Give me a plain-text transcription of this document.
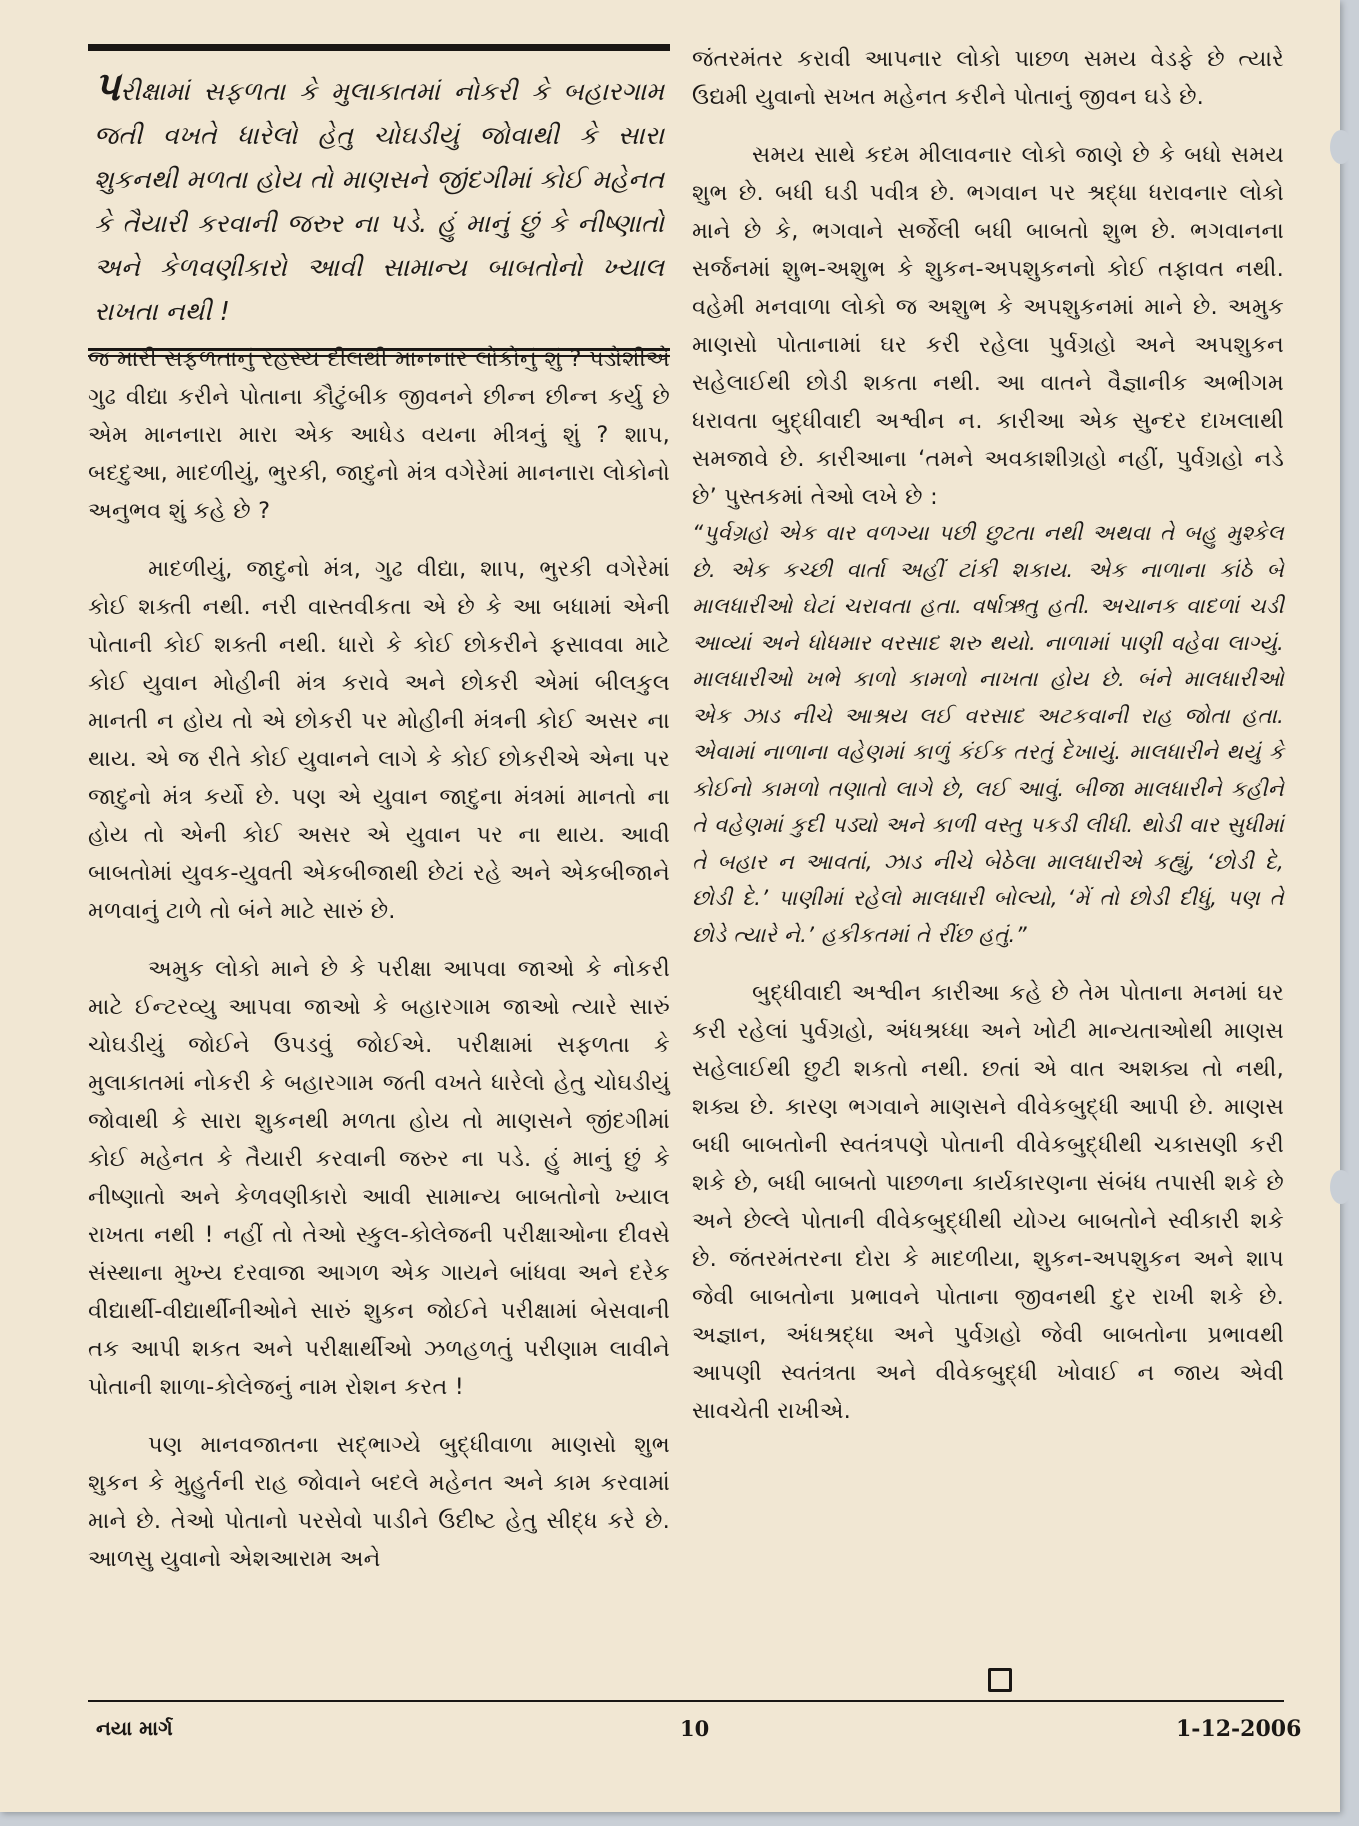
પરીક્ષામાં સફળતા કે મુલાકાતમાં નોકરી કે બહારગામ જતી વખતે ધારેલો હેતુ ચોઘડીયું જોવાથી કે સારા શુકનથી મળતા હોય તો માણસને જીંદગીમાં કોઈ મહેનત કે તૈયારી કરવાની જરુર ના પડે. હું માનું છું કે નીષ્ણાતો અને કેળવણીકારો આવી સામાન્ય બાબતોનો ખ્યાલ રાખતા નથી !

જ મારી સફળતાનું રહસ્ય દીલથી માનનાર લોકોનું શું ? પડોશીએ ગુઢ વીદ્યા કરીને પોતાના કૌટુંબીક જીવનને છીન્ન છીન્ન કર્યુ છે એમ માનનારા મારા એક આધેડ વયના મીત્રનું શું ? શાપ, બદદુઆ, માદળીયું, ભુરકી, જાદુનો મંત્ર વગેરેમાં માનનારા લોકોનો અનુભવ શું કહે છે ?

માદળીયું, જાદુનો મંત્ર, ગુઢ વીદ્યા, શાપ, ભુરકી વગેરેમાં કોઈ શક્તી નથી. નરી વાસ્તવીકતા એ છે કે આ બધામાં એની પોતાની કોઈ શક્તી નથી. ધારો કે કોઈ છોકરીને ફસાવવા માટે કોઈ યુવાન મોહીની મંત્ર કરાવે અને છોકરી એમાં બીલકુલ માનતી ન હોય તો એ છોકરી પર મોહીની મંત્રની કોઈ અસર ના થાય. એ જ રીતે કોઈ યુવાનને લાગે કે કોઈ છોકરીએ એના પર જાદુનો મંત્ર કર્યો છે. પણ એ યુવાન જાદુના મંત્રમાં માનતો ના હોય તો એની કોઈ અસર એ યુવાન પર ના થાય. આવી બાબતોમાં યુવક-યુવતી એકબીજાથી છેટાં રહે અને એકબીજાને મળવાનું ટાળે તો બંને માટે સારું છે.

અમુક લોકો માને છે કે પરીક્ષા આપવા જાઓ કે નોકરી માટે ઈન્ટરવ્યુ આપવા જાઓ કે બહારગામ જાઓ ત્યારે સારું ચોઘડીયું જોઈને ઉપડવું જોઈએ. પરીક્ષામાં સફળતા કે મુલાકાતમાં નોકરી કે બહારગામ જતી વખતે ધારેલો હેતુ ચોઘડીયું જોવાથી કે સારા શુકનથી મળતા હોય તો માણસને જીંદગીમાં કોઈ મહેનત કે તૈયારી કરવાની જરુર ના પડે. હું માનું છું કે નીષ્ણાતો અને કેળવણીકારો આવી સામાન્ય બાબતોનો ખ્યાલ રાખતા નથી ! નહીં તો તેઓ સ્કુલ-કોલેજની પરીક્ષાઓના દીવસે સંસ્થાના મુખ્ય દરવાજા આગળ એક ગાયને બાંધવા અને દરેક વીદ્યાર્થી-વીદ્યાર્થીનીઓને સારું શુકન જોઈને પરીક્ષામાં બેસવાની તક આપી શકત અને પરીક્ષાર્થીઓ ઝળહળતું પરીણામ લાવીને પોતાની શાળા-કોલેજનું નામ રોશન કરત !

પણ માનવજાતના સદ્ભાગ્યે બુદ્ધીવાળા માણસો શુભ શુકન કે મુહુર્તની રાહ જોવાને બદલે મહેનત અને કામ કરવામાં માને છે. તેઓ પોતાનો પરસેવો પાડીને ઉદીષ્ટ હેતુ સીદ્ધ કરે છે. આળસુ યુવાનો એશઆરામ અને

જંતરમંતર કરાવી આપનાર લોકો પાછળ સમય વેડફે છે ત્યારે ઉદ્યમી યુવાનો સખત મહેનત કરીને પોતાનું જીવન ઘડે છે.

સમય સાથે કદમ મીલાવનાર લોકો જાણે છે કે બધો સમય શુભ છે. બધી ઘડી પવીત્ર છે. ભગવાન પર શ્રદ્ધા ધરાવનાર લોકો માને છે કે, ભગવાને સર્જેલી બધી બાબતો શુભ છે. ભગવાનના સર્જનમાં શુભ-અશુભ કે શુકન-અપશુકનનો કોઈ તફાવત નથી. વહેમી મનવાળા લોકો જ અશુભ કે અપશુકનમાં માને છે. અમુક માણસો પોતાનામાં ઘર કરી રહેલા પુર્વગ્રહો અને અપશુકન સહેલાઈથી છોડી શકતા નથી. આ વાતને વૈજ્ઞાનીક અભીગમ ધરાવતા બુદ્ધીવાદી અશ્વીન ન. કારીઆ એક સુન્દર દાખલાથી સમજાવે છે. કારીઆના ‘તમને અવકાશીગ્રહો નહીં, પુર્વગ્રહો નડે છે’ પુસ્તકમાં તેઓ લખે છે :

“પુર્વગ્રહો એક વાર વળગ્યા પછી છુટતા નથી અથવા તે બહુ મુશ્કેલ છે. એક કચ્છી વાર્તા અહીં ટાંકી શકાય. એક નાળાના કાંઠે બે માલધારીઓ ઘેટાં ચરાવતા હતા. વર્ષાઋતુ હતી. અચાનક વાદળાં ચડી આવ્યાં અને ધોધમાર વરસાદ શરુ થયો. નાળામાં પાણી વહેવા લાગ્યું. માલધારીઓ ખભે કાળો કામળો નાખતા હોય છે. બંને માલધારીઓ એક ઝાડ નીચે આશ્રય લઈ વરસાદ અટકવાની રાહ જોતા હતા. એવામાં નાળાના વહેણમાં કાળું કંઈક તરતું દેખાયું. માલધારીને થયું કે કોઈનો કામળો તણાતો લાગે છે, લઈ આવું. બીજા માલધારીને કહીને તે વહેણમાં કુદી પડ્યો અને કાળી વસ્તુ પકડી લીધી. થોડી વાર સુધીમાં તે બહાર ન આવતાં, ઝાડ નીચે બેઠેલા માલધારીએ કહ્યું, ‘છોડી દે, છોડી દે.’ પાણીમાં રહેલો માલધારી બોલ્યો, ‘મેં તો છોડી દીધું, પણ તે છોડે ત્યારે ને.’ હકીકતમાં તે રીંછ હતું.”

બુદ્ધીવાદી અશ્વીન કારીઆ કહે છે તેમ પોતાના મનમાં ઘર કરી રહેલાં પુર્વગ્રહો, અંધશ્રધ્ધા અને ખોટી માન્યતાઓથી માણસ સહેલાઈથી છુટી શકતો નથી. છતાં એ વાત અશક્ય તો નથી, શક્ય છે. કારણ ભગવાને માણસને વીવેકબુદ્ધી આપી છે. માણસ બધી બાબતોની સ્વતંત્રપણે પોતાની વીવેકબુદ્ધીથી ચકાસણી કરી શકે છે, બધી બાબતો પાછળના કાર્યકારણના સંબંધ તપાસી શકે છે અને છેલ્લે પોતાની વીવેકબુદ્ધીથી યોગ્ય બાબતોને સ્વીકારી શકે છે. જંતરમંતરના દોરા કે માદળીયા, શુકન-અપશુકન અને શાપ જેવી બાબતોના પ્રભાવને પોતાના જીવનથી દુર રાખી શકે છે. અજ્ઞાન, અંધશ્રદ્ધા અને પુર્વગ્રહો જેવી બાબતોના પ્રભાવથી આપણી સ્વતંત્રતા અને વીવેકબુદ્ધી ખોવાઈ ન જાય એવી સાવચેતી રાખીએ.

નયા માર્ગ	10	1-12-2006
